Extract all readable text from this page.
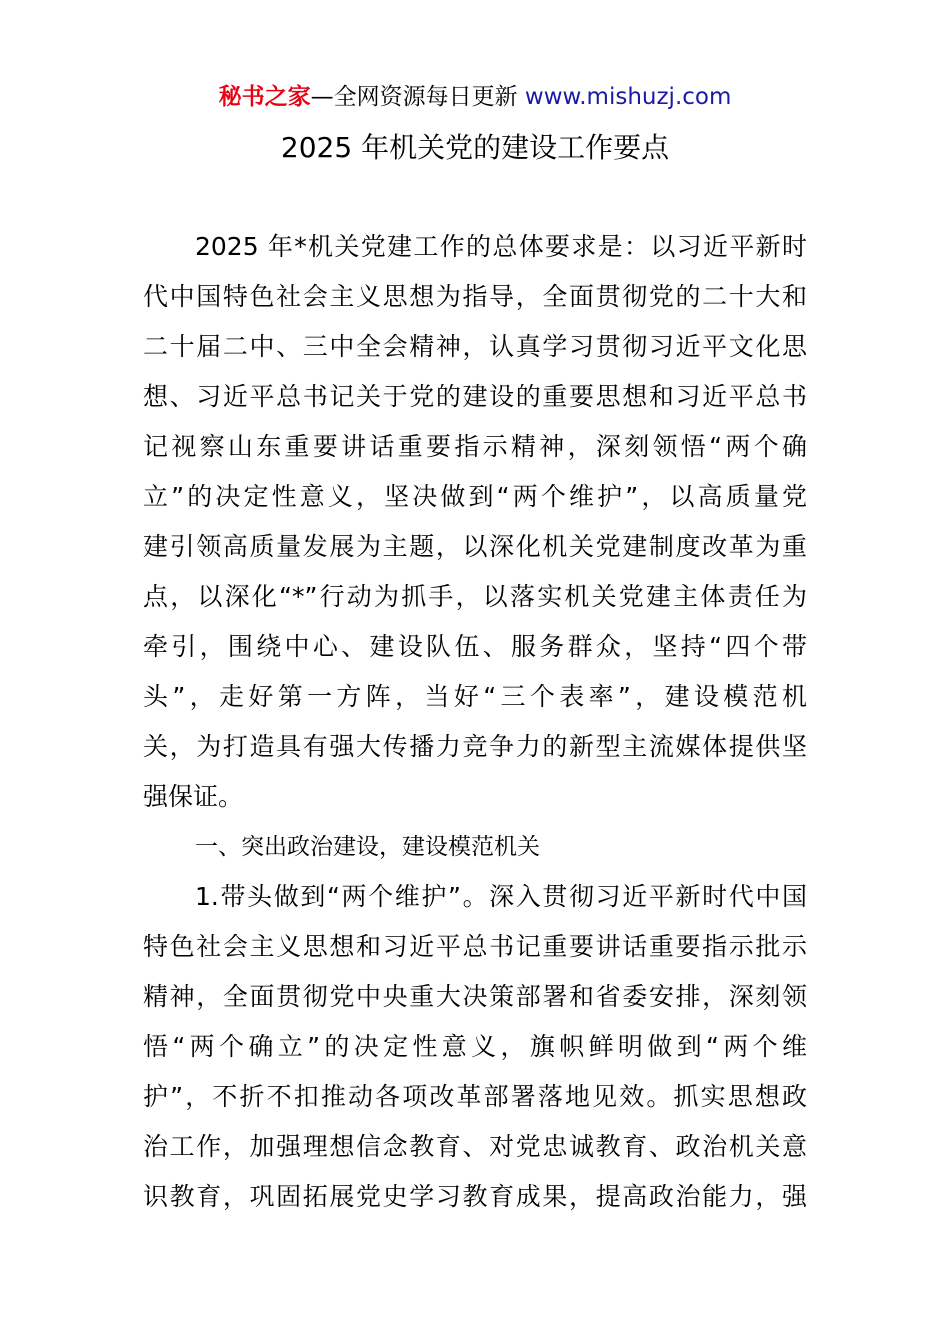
秘书之家—全网资源每日更新 www.mishuzj.com
2025 年机关党的建设工作要点
2025 年*机关党建工作的总体要求是：以习近平新时
代中国特色社会主义思想为指导，全面贯彻党的二十大和
二十届二中、三中全会精神，认真学习贯彻习近平文化思
想、习近平总书记关于党的建设的重要思想和习近平总书
记视察山东重要讲话重要指示精神，深刻领悟“两个确
立”的决定性意义，坚决做到“两个维护”，以高质量党
建引领高质量发展为主题，以深化机关党建制度改革为重
点，以深化“*”行动为抓手，以落实机关党建主体责任为
牵引，围绕中心、建设队伍、服务群众，坚持“四个带
头”，走好第一方阵，当好“三个表率”，建设模范机
关，为打造具有强大传播力竞争力的新型主流媒体提供坚
强保证。
一、突出政治建设，建设模范机关
1.带头做到“两个维护”。深入贯彻习近平新时代中国
特色社会主义思想和习近平总书记重要讲话重要指示批示
精神，全面贯彻党中央重大决策部署和省委安排，深刻领
悟“两个确立”的决定性意义，旗帜鲜明做到“两个维
护”，不折不扣推动各项改革部署落地见效。抓实思想政
治工作，加强理想信念教育、对党忠诚教育、政治机关意
识教育，巩固拓展党史学习教育成果，提高政治能力，强
